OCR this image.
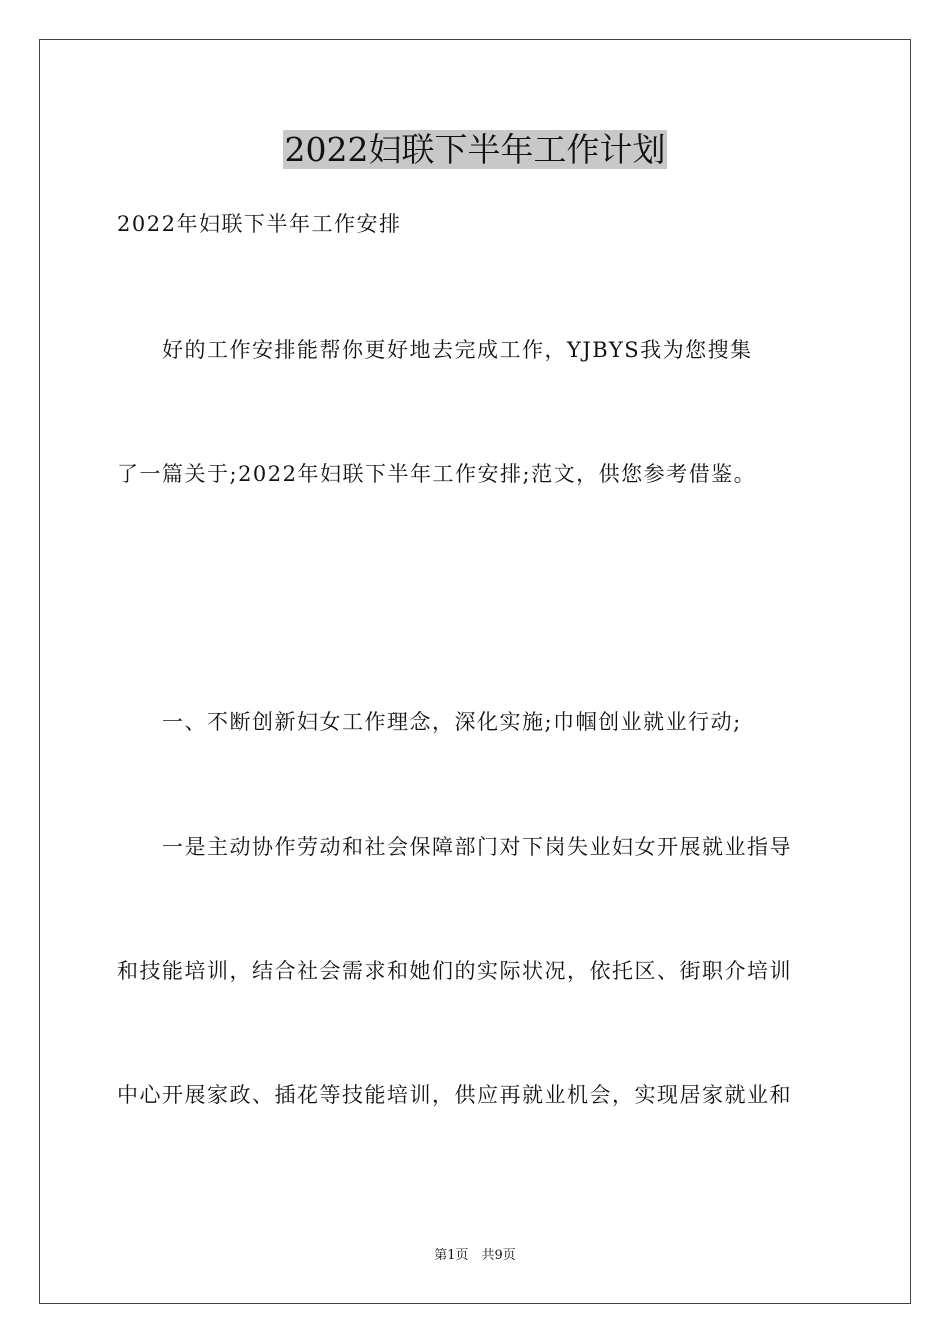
2022妇联下半年工作计划
2022年妇联下半年工作安排
　　好的工作安排能帮你更好地去完成工作，YJBYS我为您搜集
了一篇关于;2022年妇联下半年工作安排;范文，供您参考借鉴。
　　一、不断创新妇女工作理念，深化实施;巾帼创业就业行动;
　　一是主动协作劳动和社会保障部门对下岗失业妇女开展就业指导
和技能培训，结合社会需求和她们的实际状况，依托区、街职介培训
中心开展家政、插花等技能培训，供应再就业机会，实现居家就业和
第1页　共9页
